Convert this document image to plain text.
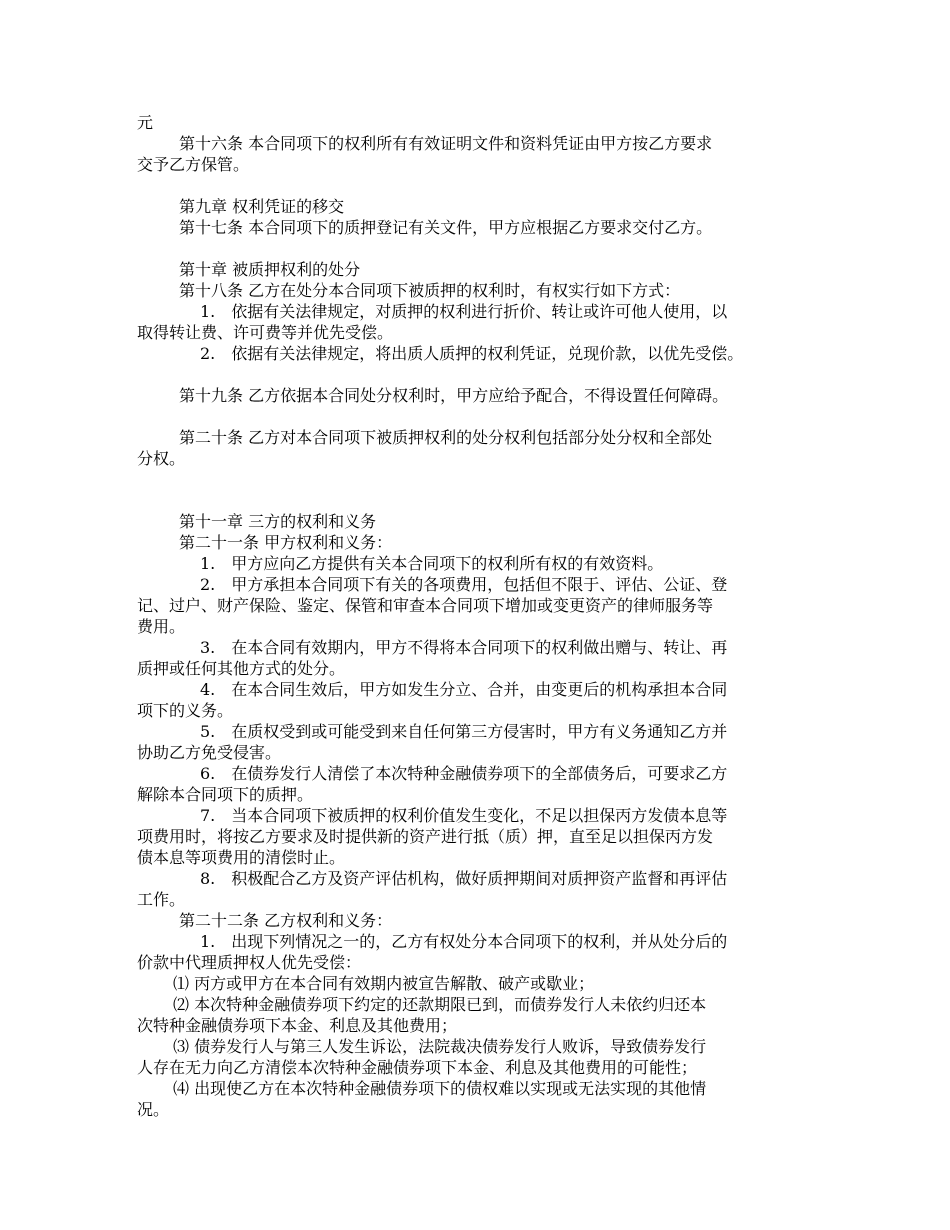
元
第十六条 本合同项下的权利所有有效证明文件和资料凭证由甲方按乙方要求
交予乙方保管。
第九章 权利凭证的移交
第十七条 本合同项下的质押登记有关文件，甲方应根据乙方要求交付乙方。
第十章 被质押权利的处分
第十八条 乙方在处分本合同项下被质押的权利时，有权实行如下方式：
1.　依据有关法律规定，对质押的权利进行折价、转让或许可他人使用，以
取得转让费、许可费等并优先受偿。
2.　依据有关法律规定，将出质人质押的权利凭证，兑现价款，以优先受偿。
第十九条 乙方依据本合同处分权利时，甲方应给予配合，不得设置任何障碍。
第二十条 乙方对本合同项下被质押权利的处分权利包括部分处分权和全部处
分权。
第十一章 三方的权利和义务
第二十一条 甲方权利和义务：
1.　甲方应向乙方提供有关本合同项下的权利所有权的有效资料。
2.　甲方承担本合同项下有关的各项费用，包括但不限于、评估、公证、登
记、过户、财产保险、鉴定、保管和审查本合同项下增加或变更资产的律师服务等
费用。
3.　在本合同有效期内，甲方不得将本合同项下的权利做出赠与、转让、再
质押或任何其他方式的处分。
4.　在本合同生效后，甲方如发生分立、合并，由变更后的机构承担本合同
项下的义务。
5.　在质权受到或可能受到来自任何第三方侵害时，甲方有义务通知乙方并
协助乙方免受侵害。
6.　在债券发行人清偿了本次特种金融债券项下的全部债务后，可要求乙方
解除本合同项下的质押。
7.　当本合同项下被质押的权利价值发生变化，不足以担保丙方发债本息等
项费用时，将按乙方要求及时提供新的资产进行抵（质）押，直至足以担保丙方发
债本息等项费用的清偿时止。
8.　积极配合乙方及资产评估机构，做好质押期间对质押资产监督和再评估
工作。
第二十二条 乙方权利和义务：
1.　出现下列情况之一的，乙方有权处分本合同项下的权利，并从处分后的
价款中代理质押权人优先受偿：
⑴ 丙方或甲方在本合同有效期内被宣告解散、破产或歇业；
⑵ 本次特种金融债券项下约定的还款期限已到，而债券发行人未依约归还本
次特种金融债券项下本金、利息及其他费用；
⑶ 债券发行人与第三人发生诉讼，法院裁决债券发行人败诉，导致债券发行
人存在无力向乙方清偿本次特种金融债券项下本金、利息及其他费用的可能性；
⑷ 出现使乙方在本次特种金融债券项下的债权难以实现或无法实现的其他情
况。
